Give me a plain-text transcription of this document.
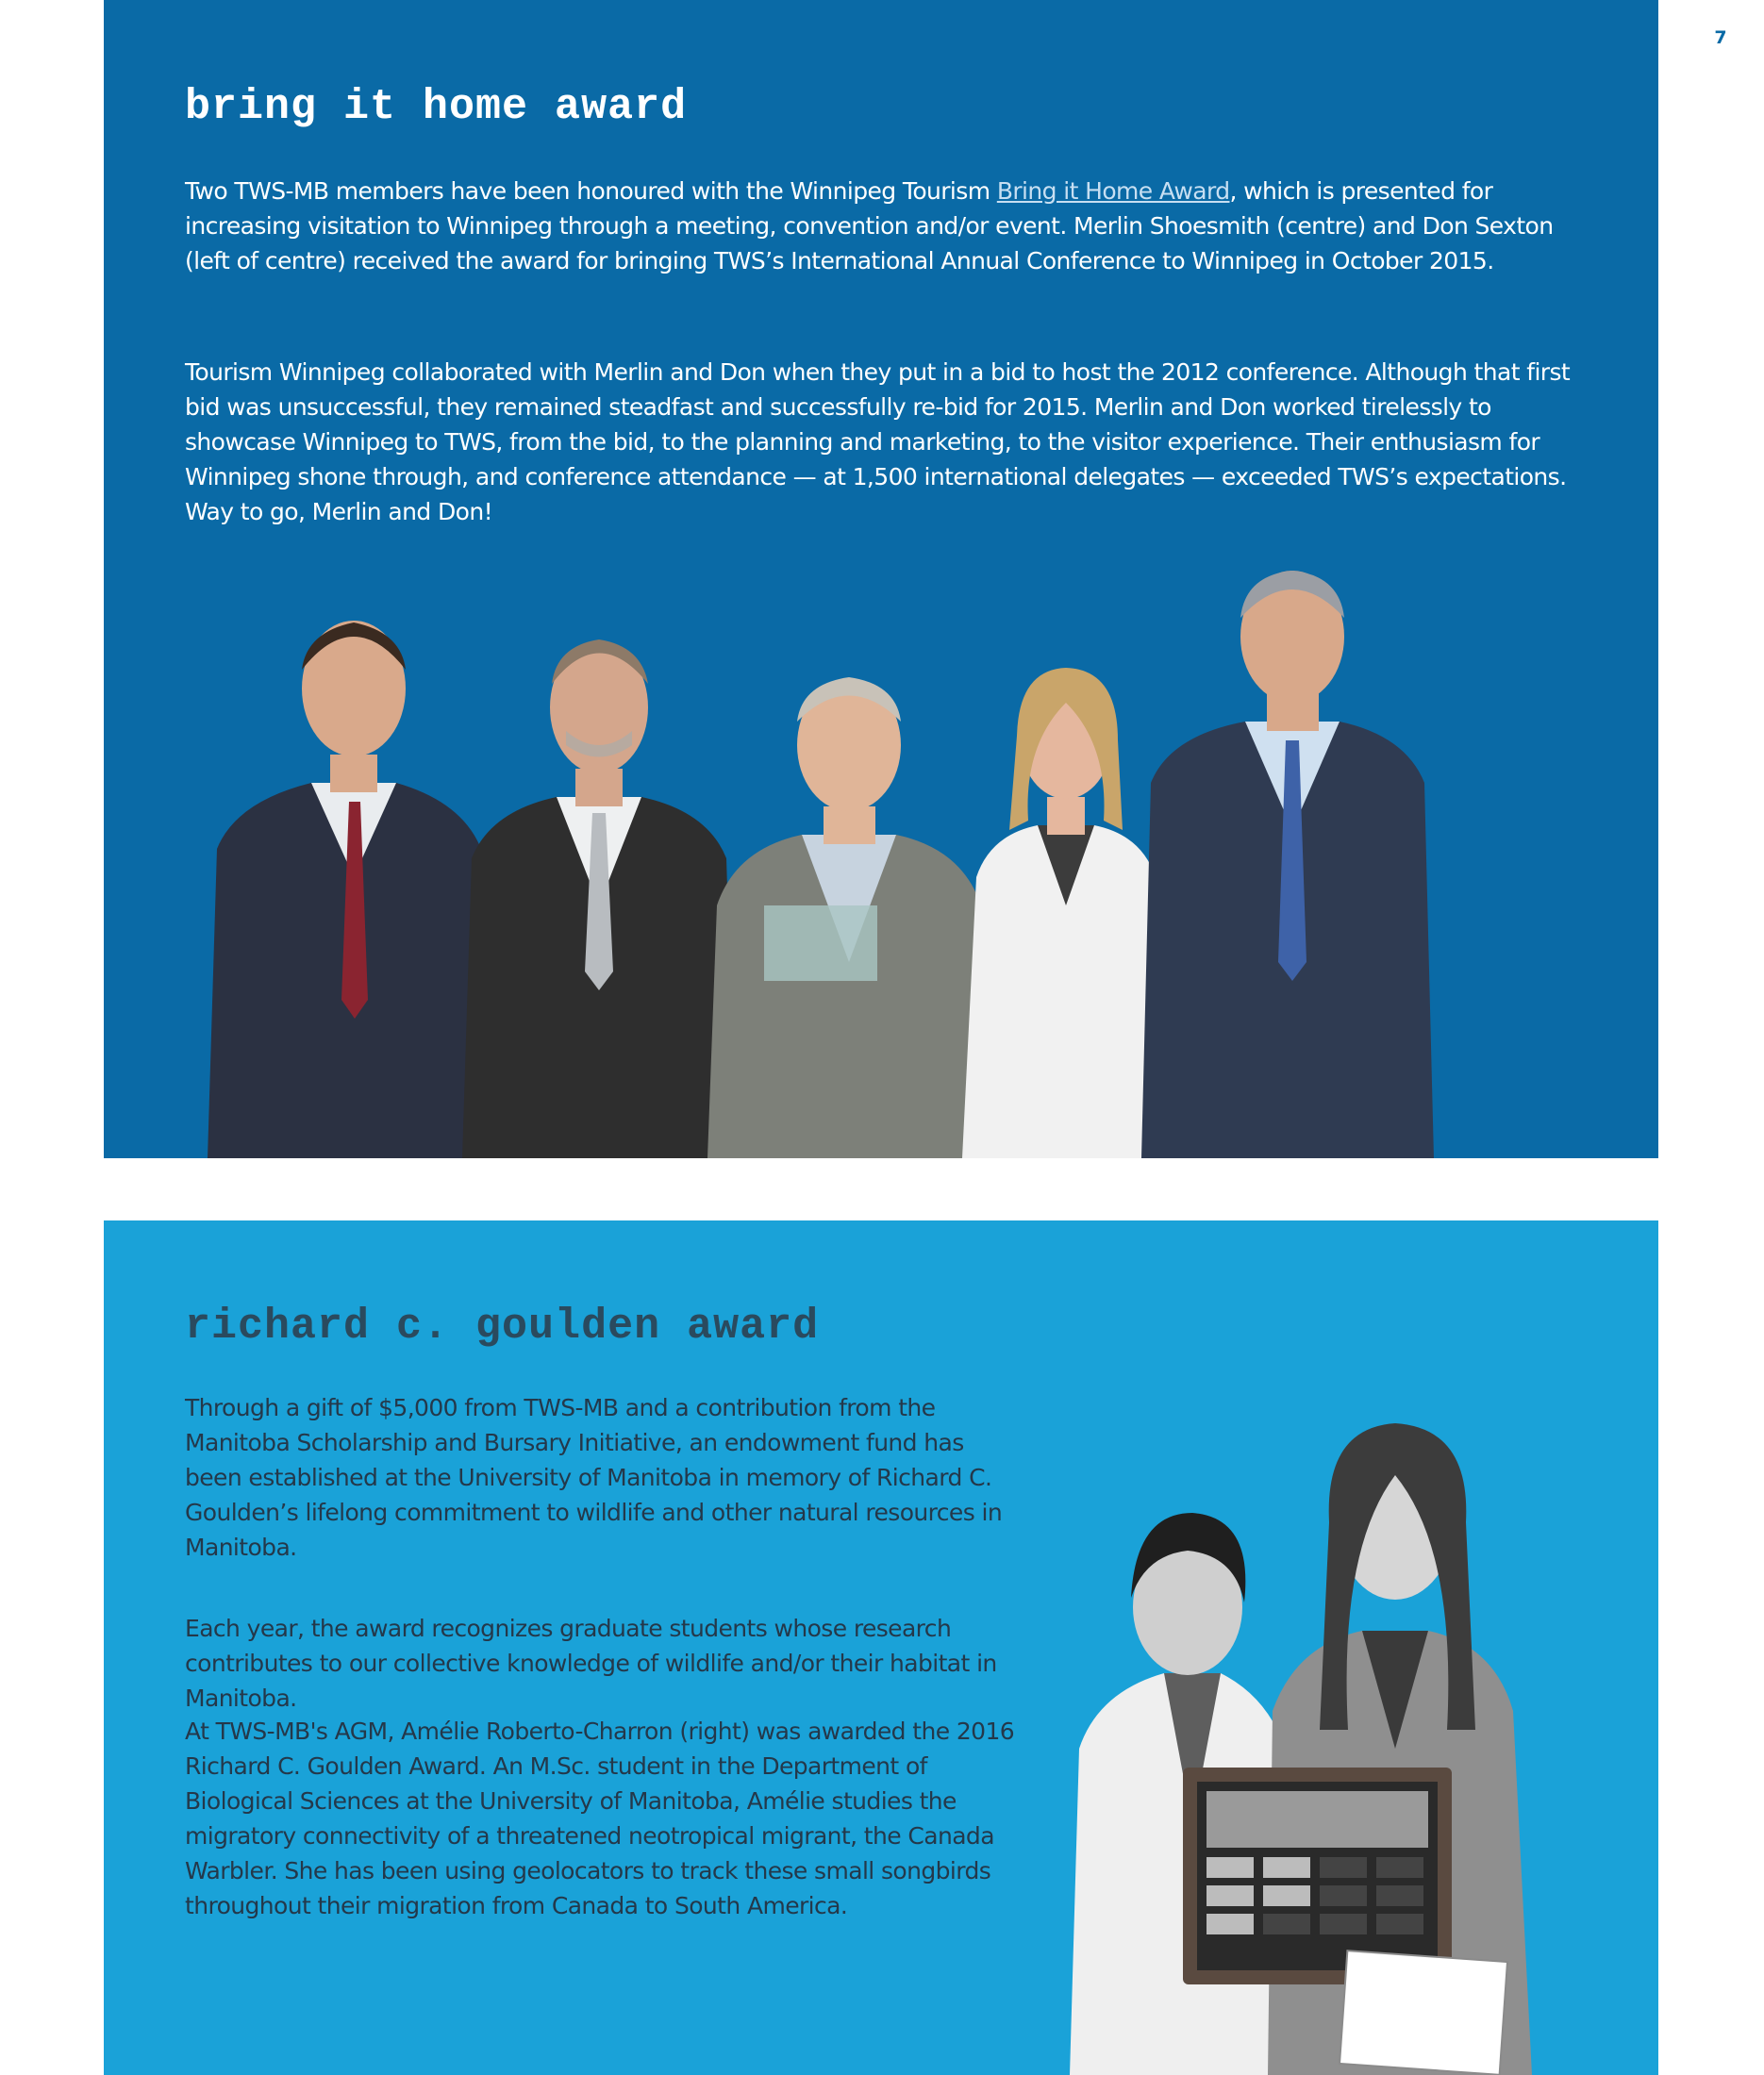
7
bring it home award

Two TWS-MB members have been honoured with the Winnipeg Tourism Bring it Home Award, which is presented for increasing visitation to Winnipeg through a meeting, convention and/or event. Merlin Shoesmith (centre) and Don Sexton (left of centre) received the award for bringing TWS’s International Annual Conference to Winnipeg in October 2015.

Tourism Winnipeg collaborated with Merlin and Don when they put in a bid to host the 2012 conference. Although that first bid was unsuccessful, they remained steadfast and successfully re-bid for 2015. Merlin and Don worked tirelessly to showcase Winnipeg to TWS, from the bid, to the planning and marketing, to the visitor experience. Their enthusiasm for Winnipeg shone through, and conference attendance — at 1,500 international delegates — exceeded TWS’s expectations. Way to go, Merlin and Don!

richard c. goulden award

Through a gift of $5,000 from TWS-MB and a contribution from the Manitoba Scholarship and Bursary Initiative, an endowment fund has been established at the University of Manitoba in memory of Richard C. Goulden’s lifelong commitment to wildlife and other natural resources in Manitoba.

Each year, the award recognizes graduate students whose research contributes to our collective knowledge of wildlife and/or their habitat in Manitoba.

At TWS-MB's AGM, Amélie Roberto-Charron (right) was awarded the 2016 Richard C. Goulden Award. An M.Sc. student in the Department of Biological Sciences at the University of Manitoba, Amélie studies the migratory connectivity of a threatened neotropical migrant, the Canada Warbler. She has been using geolocators to track these small songbirds throughout their migration from Canada to South America.
